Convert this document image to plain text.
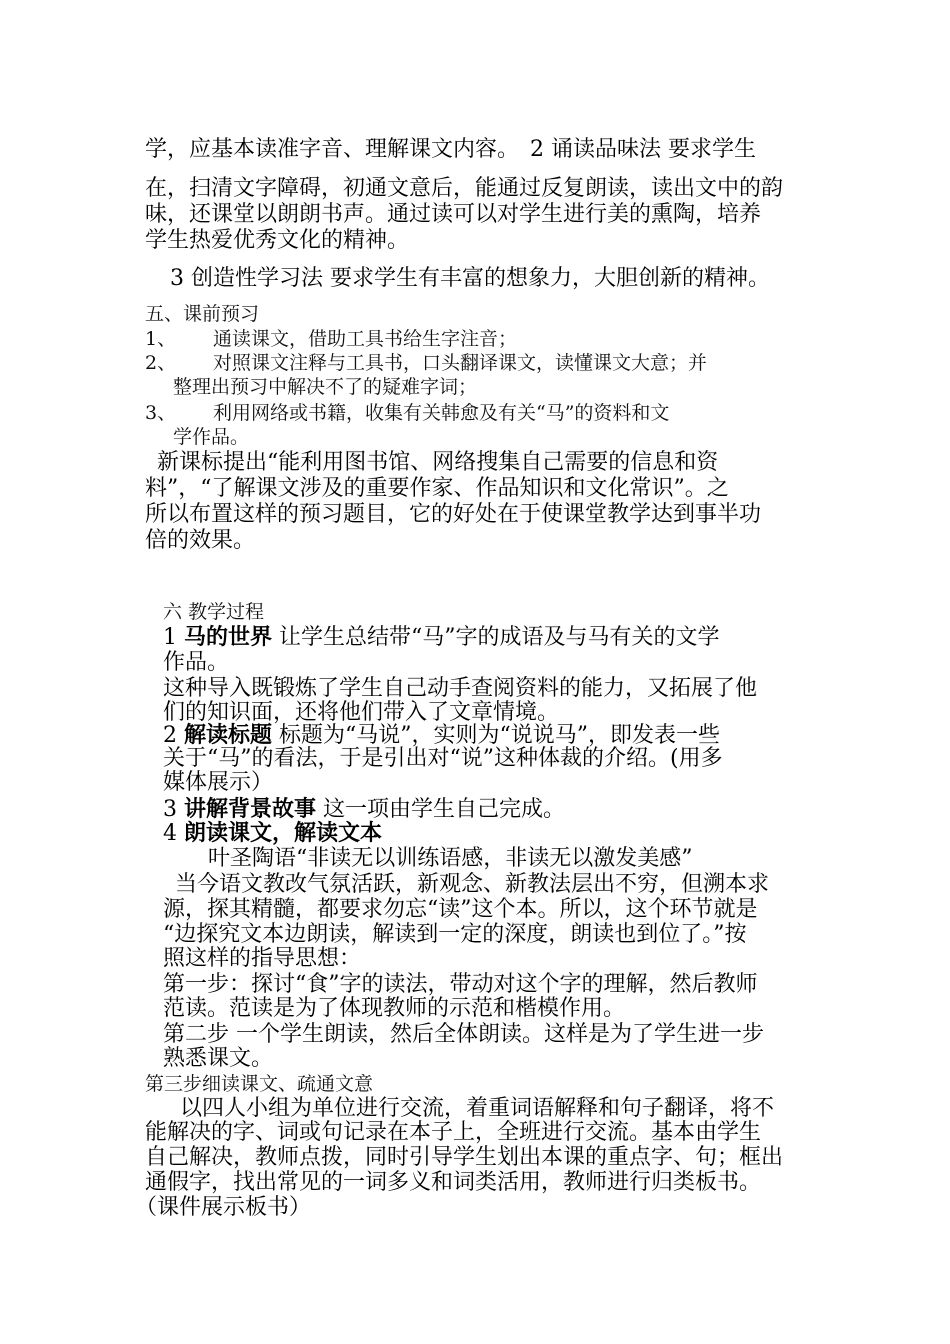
学，应基本读准字音、理解课文内容。　2 诵读品味法 要求学生

在，扫清文字障碍，初通文意后，能通过反复朗读，读出文中的韵

味，还课堂以朗朗书声。通过读可以对学生进行美的熏陶，培养

学生热爱优秀文化的精神。

3 创造性学习法 要求学生有丰富的想象力，大胆创新的精神。

五、课前预习

1、 通读课文，借助工具书给生字注音；

2、 对照课文注释与工具书，口头翻译课文，读懂课文大意；并

整理出预习中解决不了的疑难字词；

3、 利用网络或书籍，收集有关韩愈及有关“马”的资料和文

学作品。

新课标提出“能利用图书馆、网络搜集自己需要的信息和资

料”，“了解课文涉及的重要作家、作品知识和文化常识”。之

所以布置这样的预习题目，它的好处在于使课堂教学达到事半功

倍的效果。

六 教学过程

1 马的世界 让学生总结带“马”字的成语及与马有关的文学

作品。

这种导入既锻炼了学生自己动手查阅资料的能力，又拓展了他

们的知识面，还将他们带入了文章情境。

2 解读标题 标题为“马说”，实则为“说说马”，即发表一些

关于“马”的看法，于是引出对“说”这种体裁的介绍。(用多

媒体展示）

3 讲解背景故事 这一项由学生自己完成。

4 朗读课文，解读文本

叶圣陶语“非读无以训练语感，非读无以激发美感”

当今语文教改气氛活跃，新观念、新教法层出不穷，但溯本求

源，探其精髓，都要求勿忘“读”这个本。所以，这个环节就是

“边探究文本边朗读，解读到一定的深度，朗读也到位了。”按

照这样的指导思想：

第一步：探讨“食”字的读法，带动对这个字的理解，然后教师

范读。范读是为了体现教师的示范和楷模作用。

第二步 一个学生朗读，然后全体朗读。这样是为了学生进一步

熟悉课文。

第三步细读课文、疏通文意

以四人小组为单位进行交流，着重词语解释和句子翻译，将不

能解决的字、词或句记录在本子上，全班进行交流。基本由学生

自己解决，教师点拨，同时引导学生划出本课的重点字、句；框出

通假字，找出常见的一词多义和词类活用，教师进行归类板书。

（课件展示板书）
